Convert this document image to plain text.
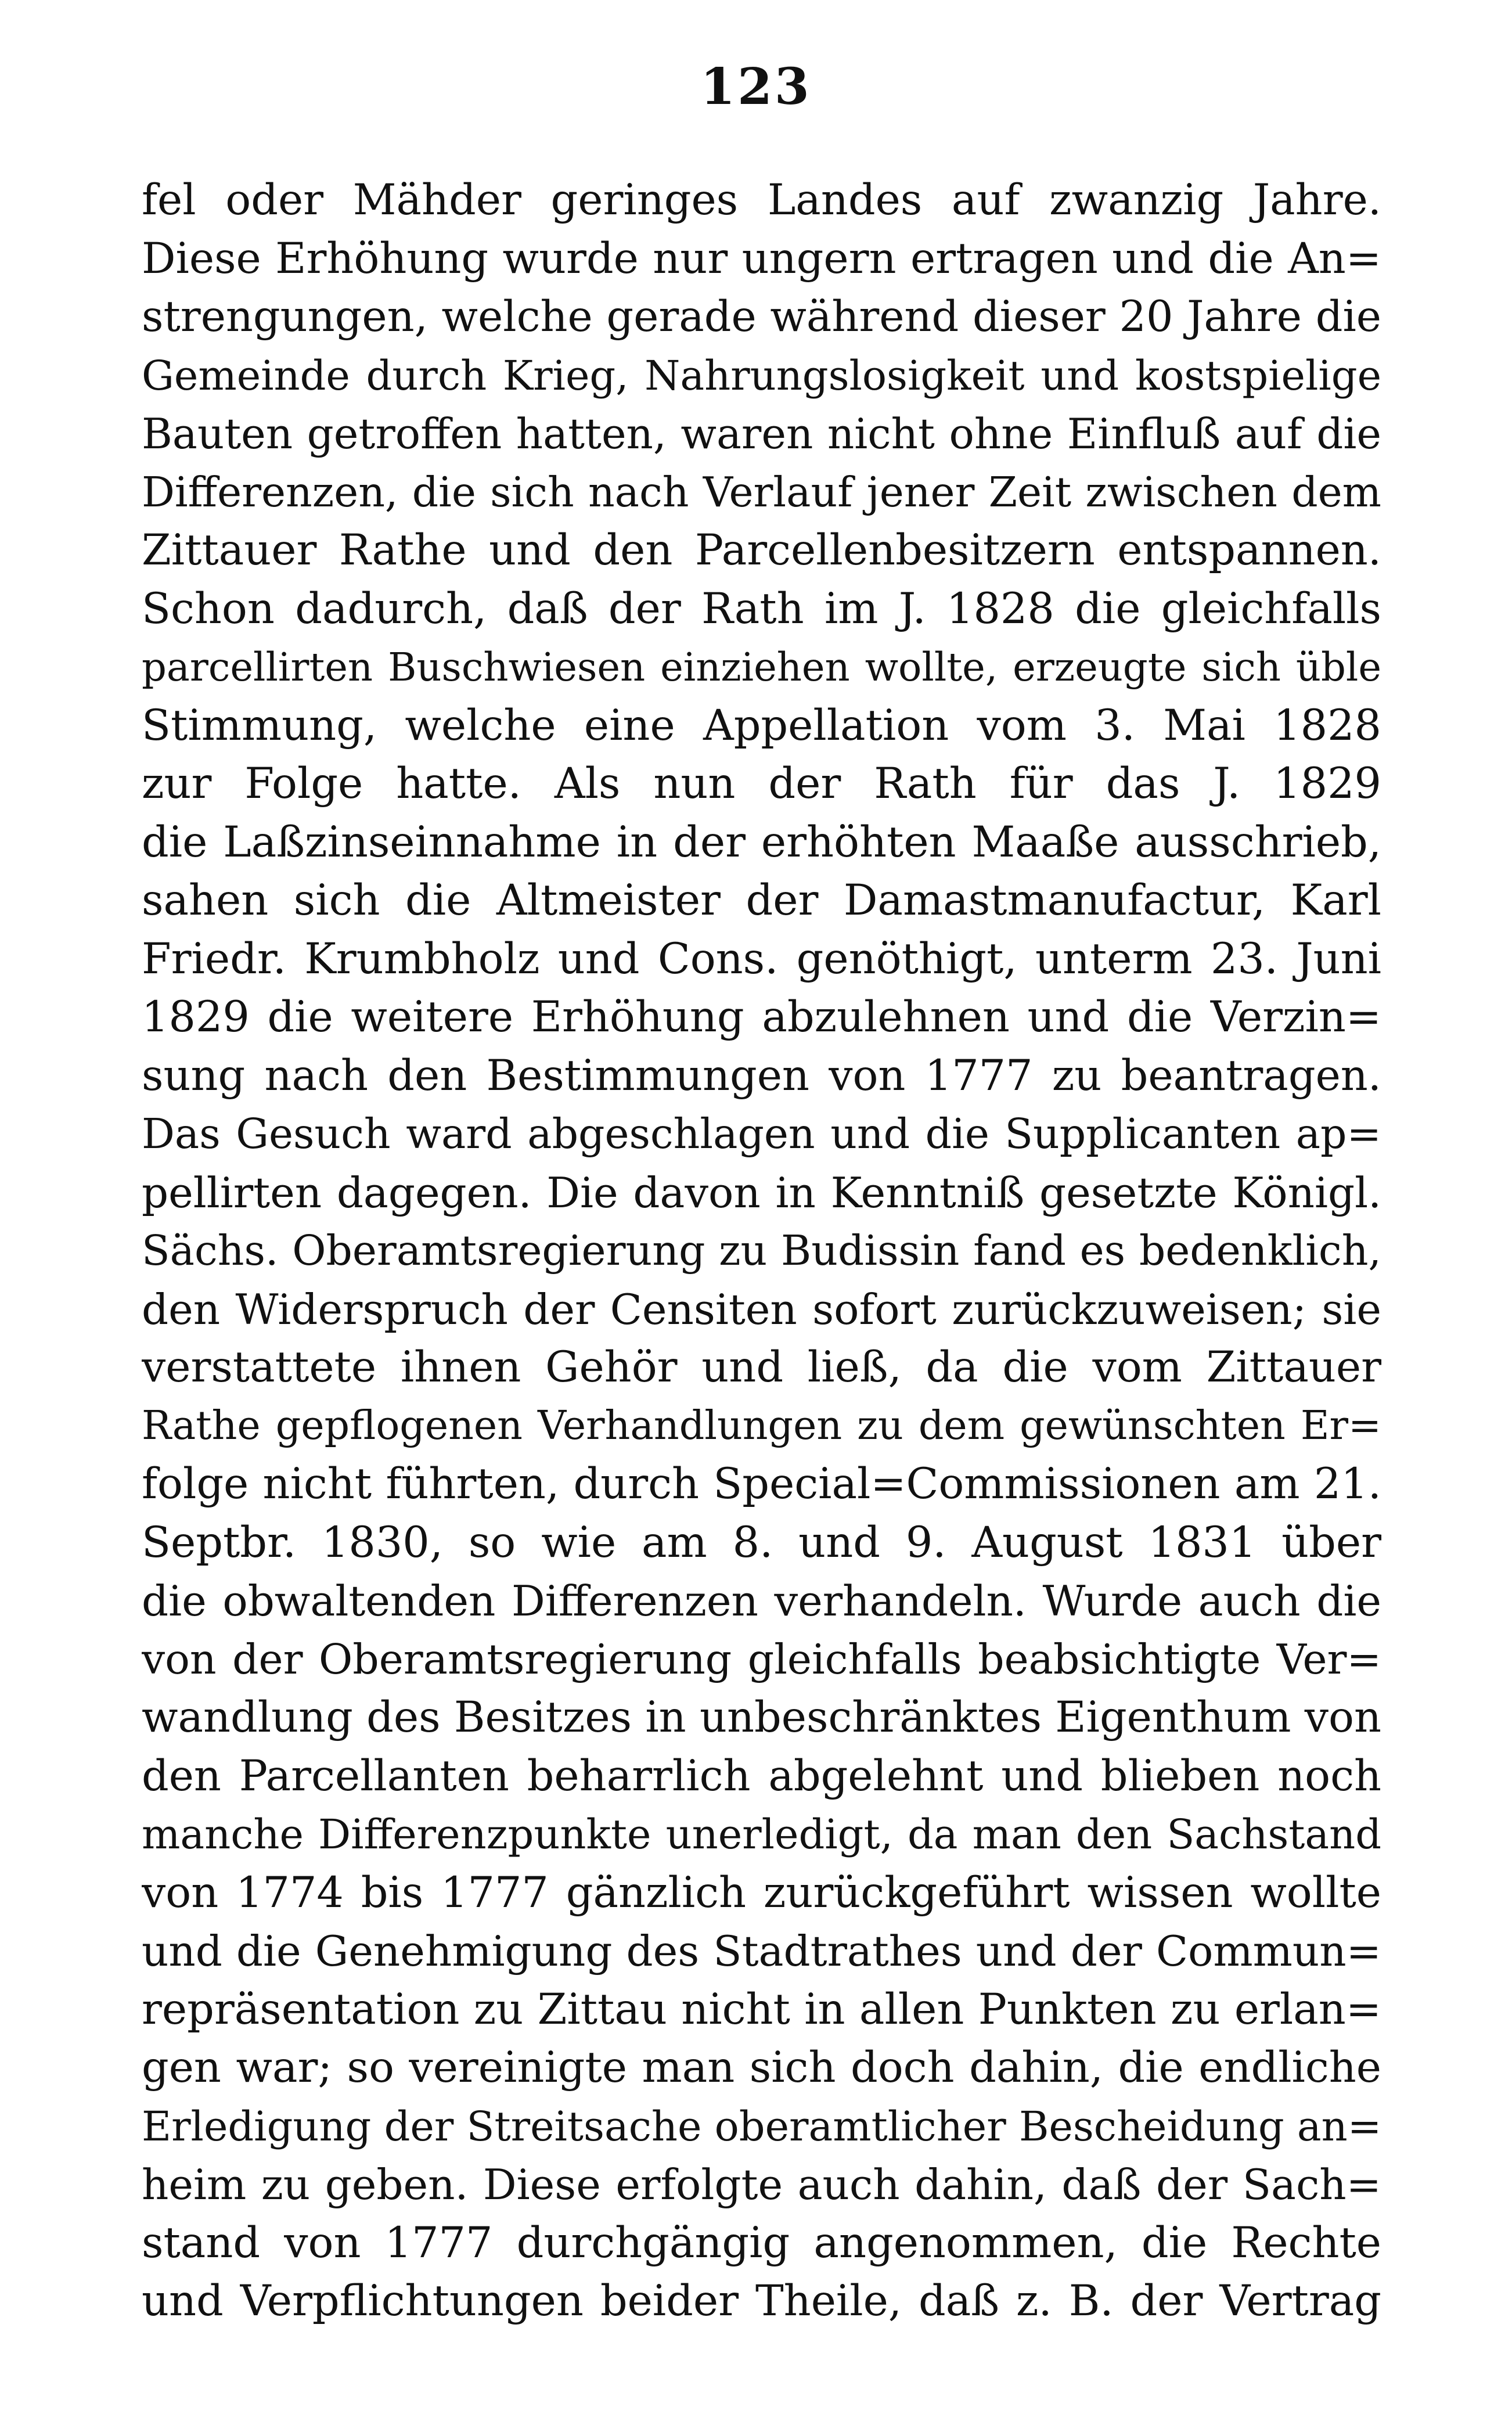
123
fel oder Mähder geringes Landes auf zwanzig Jahre.
Diese Erhöhung wurde nur ungern ertragen und die An=
strengungen, welche gerade während dieser 20 Jahre die
Gemeinde durch Krieg, Nahrungslosigkeit und kostspielige
Bauten getroffen hatten, waren nicht ohne Einfluß auf die
Differenzen, die sich nach Verlauf jener Zeit zwischen dem
Zittauer Rathe und den Parcellenbesitzern entspannen.
Schon dadurch, daß der Rath im J. 1828 die gleichfalls
parcellirten Buschwiesen einziehen wollte, erzeugte sich üble
Stimmung, welche eine Appellation vom 3. Mai 1828
zur Folge hatte. Als nun der Rath für das J. 1829
die Laßzinseinnahme in der erhöhten Maaße ausschrieb,
sahen sich die Altmeister der Damastmanufactur, Karl
Friedr. Krumbholz und Cons. genöthigt, unterm 23. Juni
1829 die weitere Erhöhung abzulehnen und die Verzin=
sung nach den Bestimmungen von 1777 zu beantragen.
Das Gesuch ward abgeschlagen und die Supplicanten ap=
pellirten dagegen. Die davon in Kenntniß gesetzte Königl.
Sächs. Oberamtsregierung zu Budissin fand es bedenklich,
den Widerspruch der Censiten sofort zurückzuweisen; sie
verstattete ihnen Gehör und ließ, da die vom Zittauer
Rathe gepflogenen Verhandlungen zu dem gewünschten Er=
folge nicht führten, durch Special=Commissionen am 21.
Septbr. 1830, so wie am 8. und 9. August 1831 über
die obwaltenden Differenzen verhandeln. Wurde auch die
von der Oberamtsregierung gleichfalls beabsichtigte Ver=
wandlung des Besitzes in unbeschränktes Eigenthum von
den Parcellanten beharrlich abgelehnt und blieben noch
manche Differenzpunkte unerledigt, da man den Sachstand
von 1774 bis 1777 gänzlich zurückgeführt wissen wollte
und die Genehmigung des Stadtrathes und der Commun=
repräsentation zu Zittau nicht in allen Punkten zu erlan=
gen war; so vereinigte man sich doch dahin, die endliche
Erledigung der Streitsache oberamtlicher Bescheidung an=
heim zu geben. Diese erfolgte auch dahin, daß der Sach=
stand von 1777 durchgängig angenommen, die Rechte
und Verpflichtungen beider Theile, daß z. B. der Vertrag
